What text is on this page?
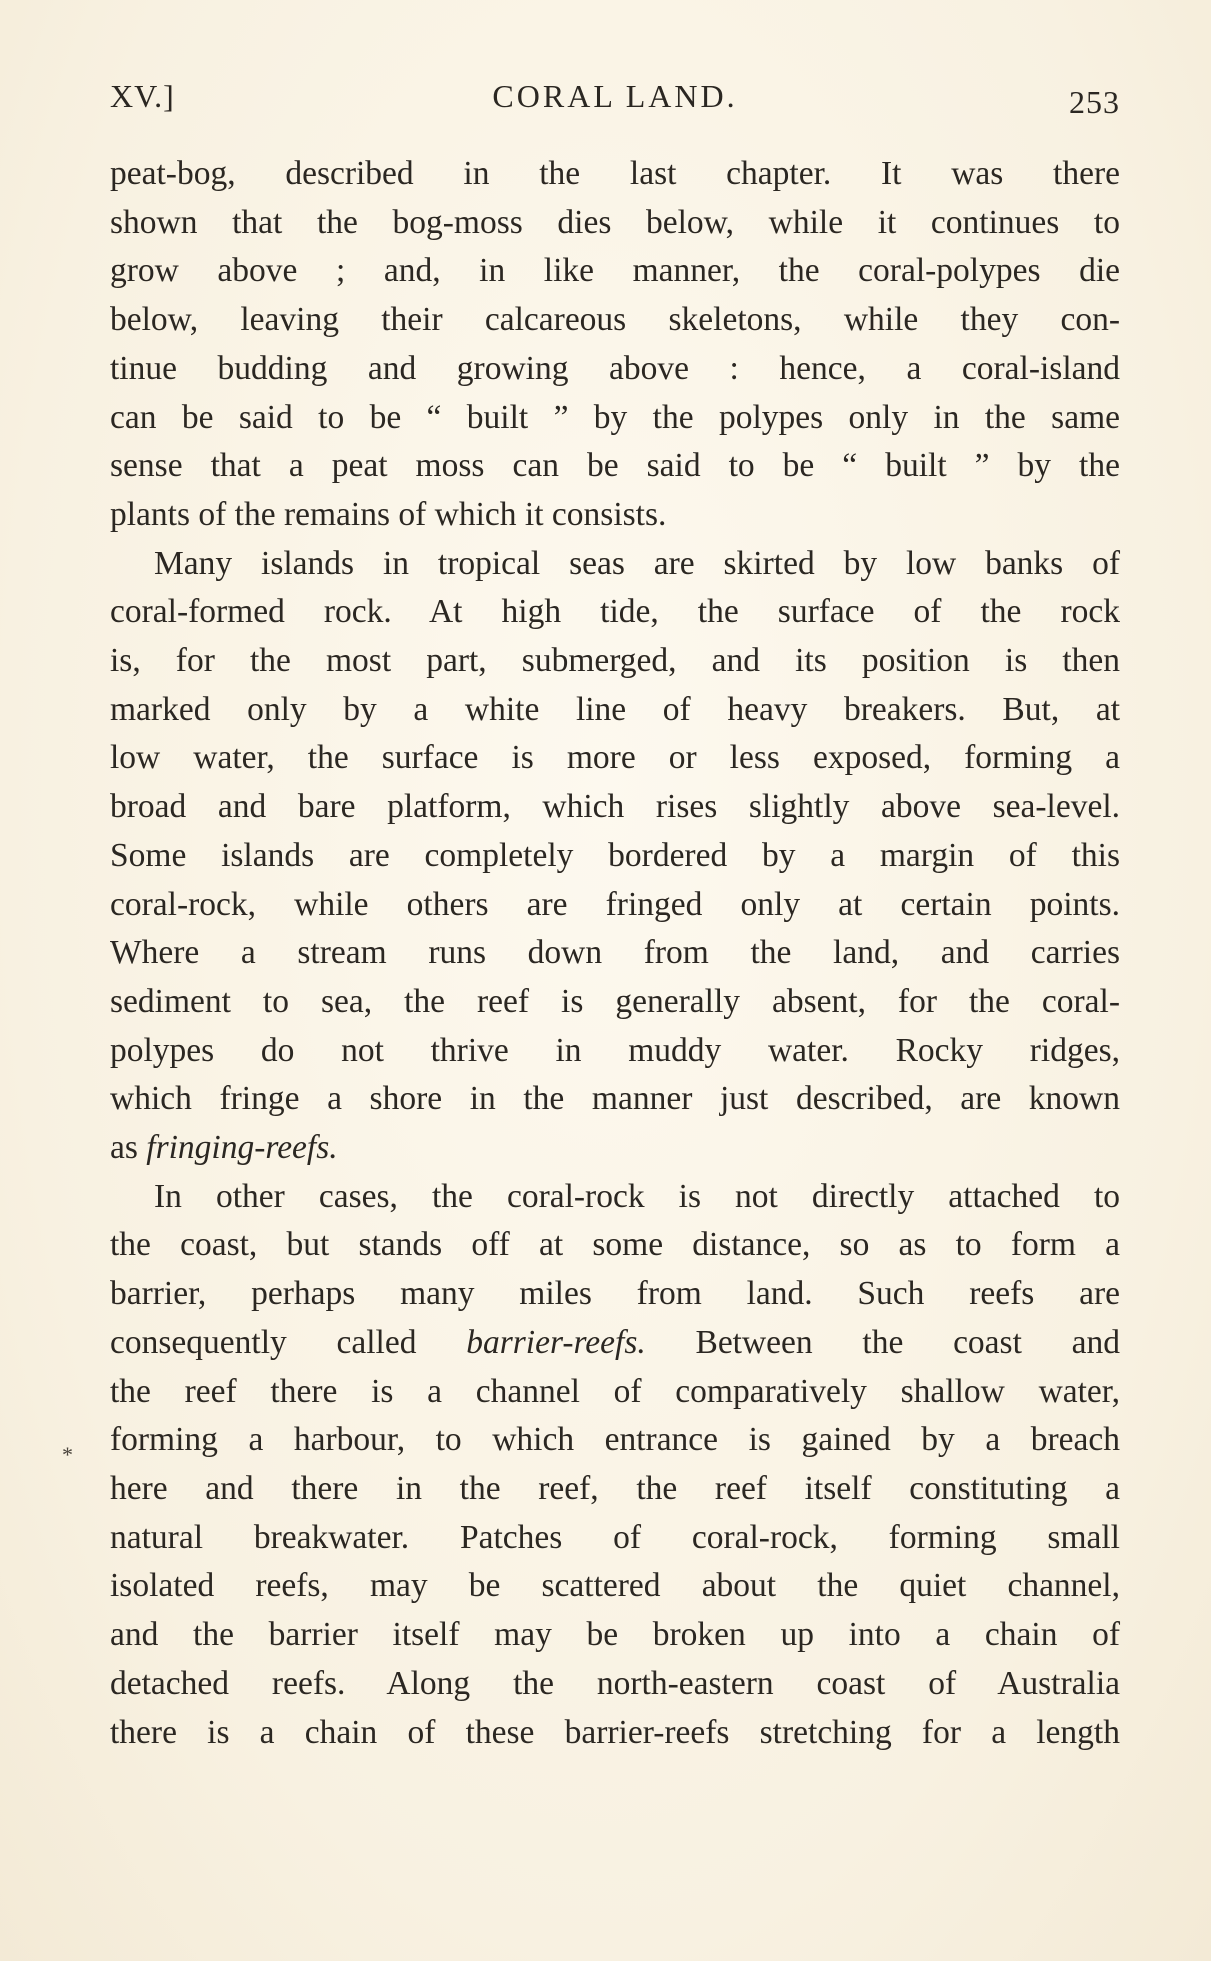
XV.]	CORAL LAND.	253
*
peat-bog, described in the last chapter. It was there
shown that the bog-moss dies below, while it continues to
grow above ; and, in like manner, the coral-polypes die
below, leaving their calcareous skeletons, while they con-
tinue budding and growing above : hence, a coral-island
can be said to be “ built ” by the polypes only in the same
sense that a peat moss can be said to be “ built ” by the
plants of the remains of which it consists.
Many islands in tropical seas are skirted by low banks of
coral-formed rock. At high tide, the surface of the rock
is, for the most part, submerged, and its position is then
marked only by a white line of heavy breakers. But, at
low water, the surface is more or less exposed, forming a
broad and bare platform, which rises slightly above sea-level.
Some islands are completely bordered by a margin of this
coral-rock, while others are fringed only at certain points.
Where a stream runs down from the land, and carries
sediment to sea, the reef is generally absent, for the coral-
polypes do not thrive in muddy water. Rocky ridges,
which fringe a shore in the manner just described, are known
as fringing-reefs.
In other cases, the coral-rock is not directly attached to
the coast, but stands off at some distance, so as to form a
barrier, perhaps many miles from land. Such reefs are
consequently called barrier-reefs. Between the coast and
the reef there is a channel of comparatively shallow water,
forming a harbour, to which entrance is gained by a breach
here and there in the reef, the reef itself constituting a
natural breakwater. Patches of coral-rock, forming small
isolated reefs, may be scattered about the quiet channel,
and the barrier itself may be broken up into a chain of
detached reefs. Along the north-eastern coast of Australia
there is a chain of these barrier-reefs stretching for a length
